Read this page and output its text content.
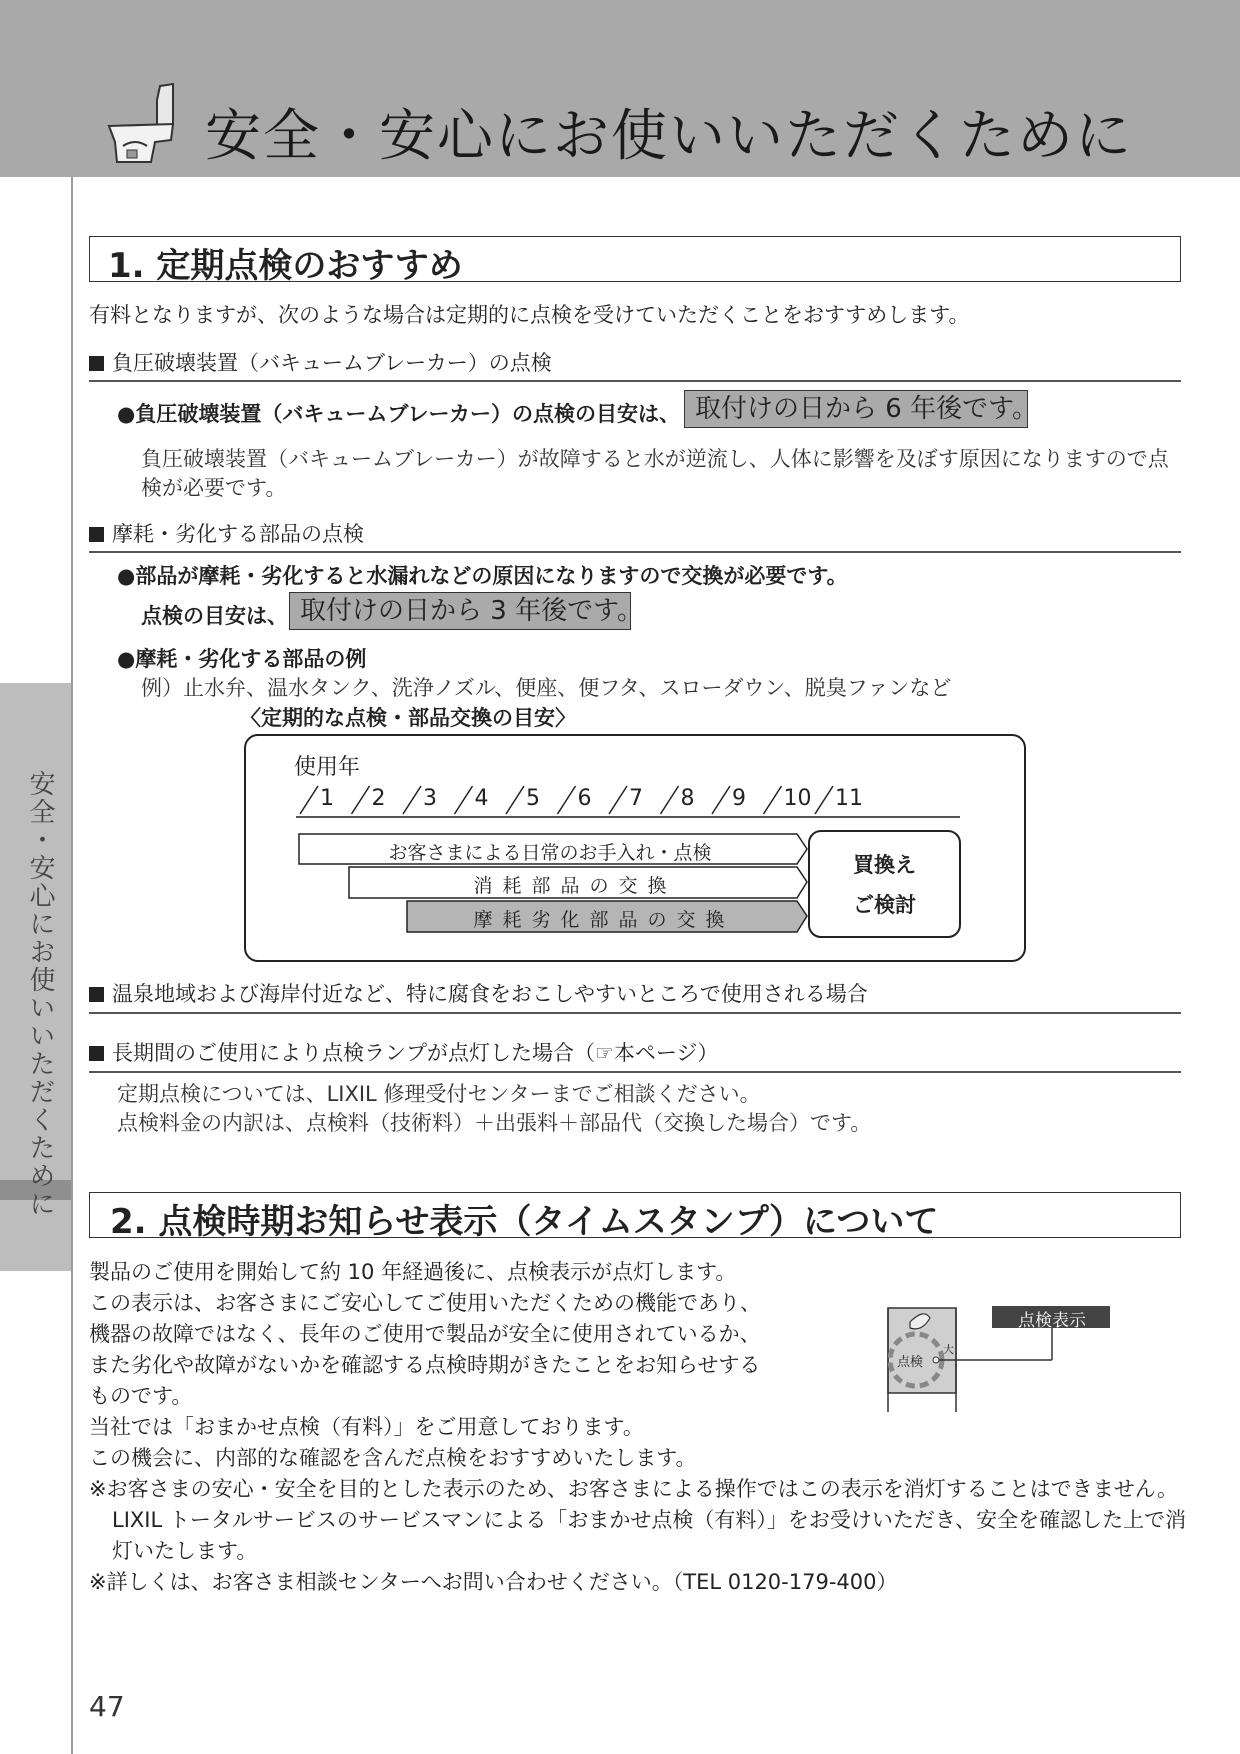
安全・安心にお使いいただくために
安全・安心にお使いいただくために
1. 定期点検のおすすめ
有料となりますが、次のような場合は定期的に点検を受けていただくことをおすすめします。
負圧破壊装置（バキュームブレーカー）の点検
●負圧破壊装置（バキュームブレーカー）の点検の目安は、 取付けの日から 6 年後です。
負圧破壊装置（バキュームブレーカー）が故障すると水が逆流し、人体に影響を及ぼす原因になりますので点
検が必要です。
摩耗・劣化する部品の点検
●部品が摩耗・劣化すると水漏れなどの原因になりますので交換が必要です。
点検の目安は、 取付けの日から 3 年後です。
●摩耗・劣化する部品の例
例）止水弁、温水タンク、洗浄ノズル、便座、便フタ、スローダウン、脱臭ファンなど
〈定期的な点検・部品交換の目安〉
使用年
1 2 3 4 5 6 7 8 9 10 11
お客さまによる日常のお手入れ・点検
消耗部品の交換
摩耗劣化部品の交換
買換え
ご検討
温泉地域および海岸付近など、特に腐食をおこしやすいところで使用される場合
長期間のご使用により点検ランプが点灯した場合（☞本ページ）
定期点検については、LIXIL 修理受付センターまでご相談ください。
点検料金の内訳は、点検料（技術料）＋出張料＋部品代（交換した場合）です。
2. 点検時期お知らせ表示（タイムスタンプ）について
製品のご使用を開始して約 10 年経過後に、点検表示が点灯します。
この表示は、お客さまにご安心してご使用いただくための機能であり、
機器の故障ではなく、長年のご使用で製品が安全に使用されているか、
また劣化や故障がないかを確認する点検時期がきたことをお知らせする
ものです。
当社では「おまかせ点検（有料）」をご用意しております。
この機会に、内部的な確認を含んだ点検をおすすめいたします。
※お客さまの安心・安全を目的とした表示のため、お客さまによる操作ではこの表示を消灯することはできません。
LIXIL トータルサービスのサービスマンによる「おまかせ点検（有料）」をお受けいただき、安全を確認した上で消
灯いたします。
※詳しくは、お客さま相談センターへお問い合わせください。（TEL 0120-179-400）
点検表示
点検
大
47
